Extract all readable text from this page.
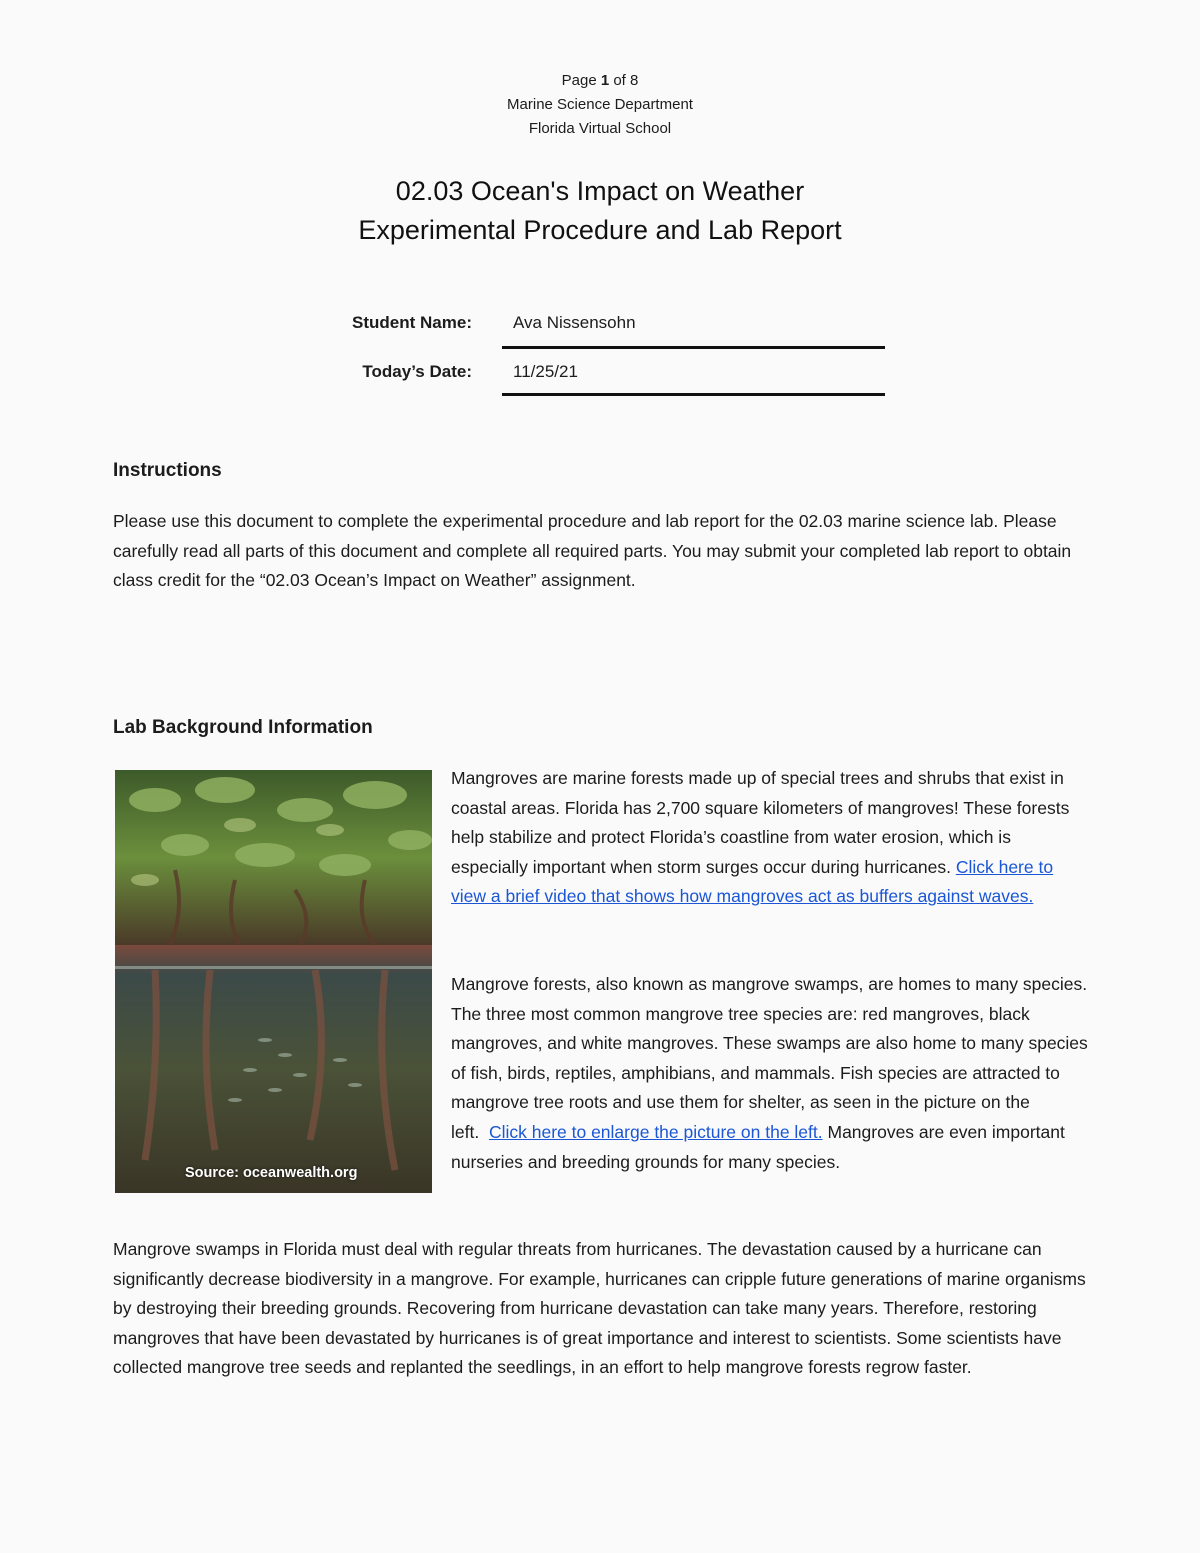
Page 1 of 8
Marine Science Department
Florida Virtual School
02.03 Ocean's Impact on Weather
Experimental Procedure and Lab Report
Student Name: Ava Nissensohn
Today’s Date: 11/25/21
Instructions

Please use this document to complete the experimental procedure and lab report for the 02.03 marine science lab. Please carefully read all parts of this document and complete all required parts. You may submit your completed lab report to obtain class credit for the “02.03 Ocean’s Impact on Weather” assignment.

Lab Background Information
Source: oceanwealth.org

Mangroves are marine forests made up of special trees and shrubs that exist in coastal areas. Florida has 2,700 square kilometers of mangroves! These forests help stabilize and protect Florida’s coastline from water erosion, which is especially important when storm surges occur during hurricanes. Click here to view a brief video that shows how mangroves act as buffers against waves.

Mangrove forests, also known as mangrove swamps, are homes to many species. The three most common mangrove tree species are: red mangroves, black mangroves, and white mangroves. These swamps are also home to many species of fish, birds, reptiles, amphibians, and mammals. Fish species are attracted to mangrove tree roots and use them for shelter, as seen in the picture on the left. Click here to enlarge the picture on the left. Mangroves are even important nurseries and breeding grounds for many species.

Mangrove swamps in Florida must deal with regular threats from hurricanes. The devastation caused by a hurricane can significantly decrease biodiversity in a mangrove. For example, hurricanes can cripple future generations of marine organisms by destroying their breeding grounds. Recovering from hurricane devastation can take many years. Therefore, restoring mangroves that have been devastated by hurricanes is of great importance and interest to scientists. Some scientists have collected mangrove tree seeds and replanted the seedlings, in an effort to help mangrove forests regrow faster.
